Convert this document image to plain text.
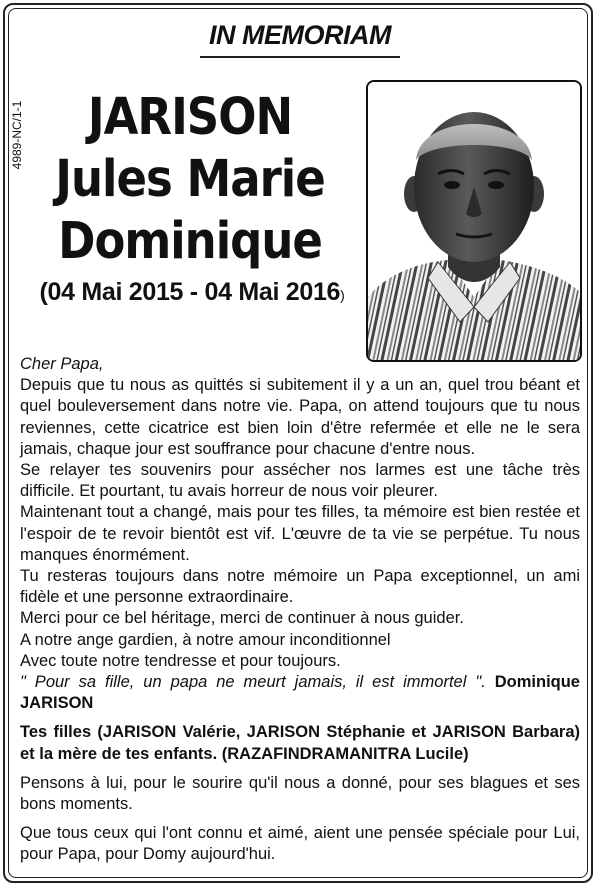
IN MEMORIAM
4989-NC/1-1	JARISON
Jules Marie
Dominique
(04 Mai 2015 - 04 Mai 2016)

Cher Papa,

Depuis que tu nous as quittés si subitement il y a un an, quel trou béant et quel bouleversement dans notre vie. Papa, on attend toujours que tu nous reviennes, cette cicatrice est bien loin d'être refermée et elle ne le sera jamais, chaque jour est souffrance pour chacune d'entre nous.

Se relayer tes souvenirs pour assécher nos larmes est une tâche très difficile. Et pourtant, tu avais horreur de nous voir pleurer.

Maintenant tout a changé, mais pour tes filles, ta mémoire est bien restée et l'espoir de te revoir bientôt est vif. L'œuvre de ta vie se perpétue. Tu nous manques énormément.

Tu resteras toujours dans notre mémoire un Papa exceptionnel, un ami fidèle et une personne extraordinaire.

Merci pour ce bel héritage, merci de continuer à nous guider.

A notre ange gardien, à notre amour inconditionnel

Avec toute notre tendresse et pour toujours.

" Pour sa fille, un papa ne meurt jamais, il est immortel ". Dominique JARISON

Tes filles (JARISON Valérie, JARISON Stéphanie et JARISON Barbara) et la mère de tes enfants. (RAZAFINDRAMANITRA Lucile)

Pensons à lui, pour le sourire qu'il nous a donné, pour ses blagues et ses bons moments.

Que tous ceux qui l'ont connu et aimé, aient une pensée spéciale pour Lui, pour Papa, pour Domy aujourd'hui.
